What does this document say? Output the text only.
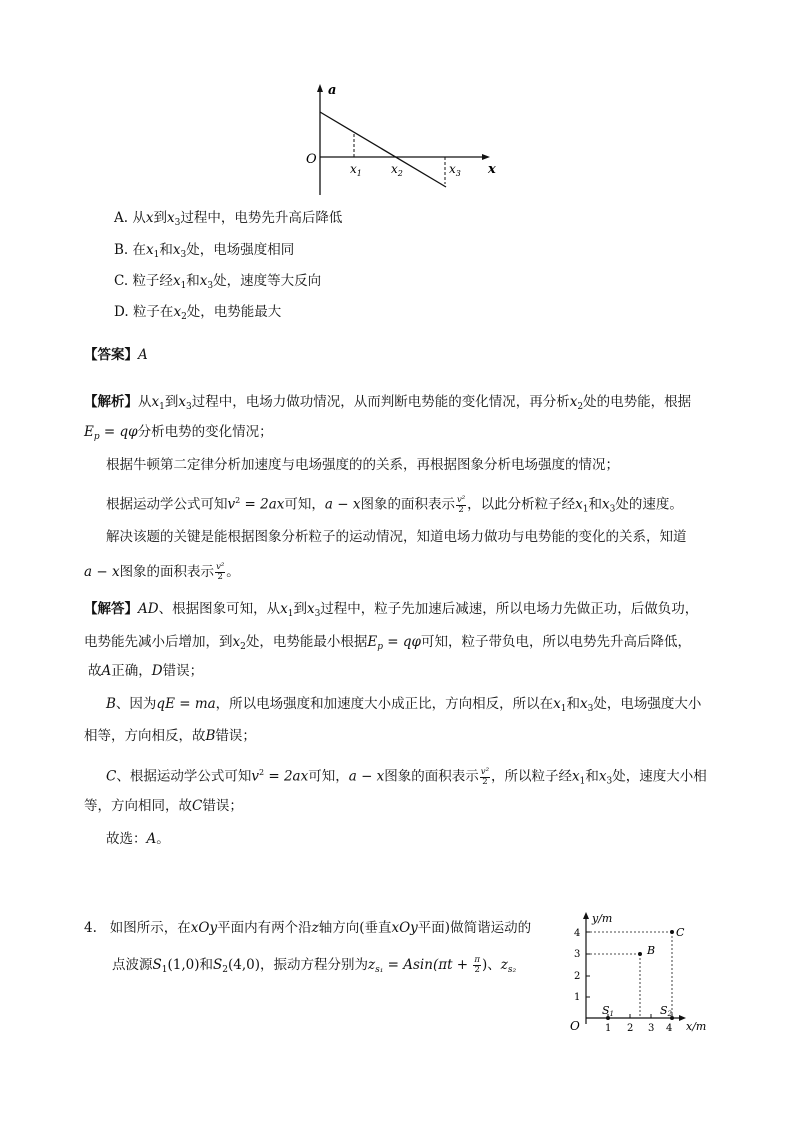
a
O
x
$x_1$ $x_2$	$x_3$
A. 从x到$x_3$过程中，电势先升高后降低
B. 在$x_1$和$x_3$处，电场强度相同
C. 粒子经$x_1$和$x_3$处，速度等大反向
D. 粒子在$x_2$处，电势能最大
【答案】A
【解析】从$x_1$到$x_3$过程中，电场力做功情况，从而判断电势能的变化情况，再分析$x_2$处的电势能，根据
$E_p = q\varphi$分析电势的变化情况；
根据牛顿第二定律分析加速度与电场强度的的关系，再根据图象分析电场强度的情况；
根据运动学公式可知$v^2 = 2ax$可知，a − x图象的面积表示 $\frac{\text{v²}}{2}$ ，以此分析粒子经$x_1$和$x_3$处的速度。
解决该题的关键是能根据图象分析粒子的运动情况，知道电场力做功与电势能的变化的关系，知道
a − x图象的面积表示 $\frac{\text{v²}}{2}$ 。
【解答】AD、根据图象可知，从$x_1$到$x_3$过程中，粒子先加速后减速，所以电场力先做正功，后做负功，
电势能先减小后增加，到$x_2$处，电势能最小根据$E_p = q\varphi$可知，粒子带负电，所以电势先升高后降低，
故A正确，D错误；
B、因为qE = ma，所以电场强度和加速度大小成正比，方向相反，所以在$x_1$和$x_3$处，电场强度大小
相等，方向相反，故B错误；
C、根据运动学公式可知$v^2 = 2ax$可知，a − x图象的面积表示 $\frac{\text{v²}}{2}$ ，所以粒子经$x_1$和$x_3$处，速度大小相
等，方向相同，故C错误；
故选：A。
4. 如图所示，在xOy平面内有两个沿z轴方向(垂直xOy平面)做简谐运动的
点波源$S_1(1,0)$和$S_2(4,0)$，振动方程分别为$z_{s_1} = Asin(\pi t + \frac{\pi}{2}$ )、$z_{s_2}$
y/m
x/m
O
1
2
3
4
1 2 3 4
C
B
S1	S2
